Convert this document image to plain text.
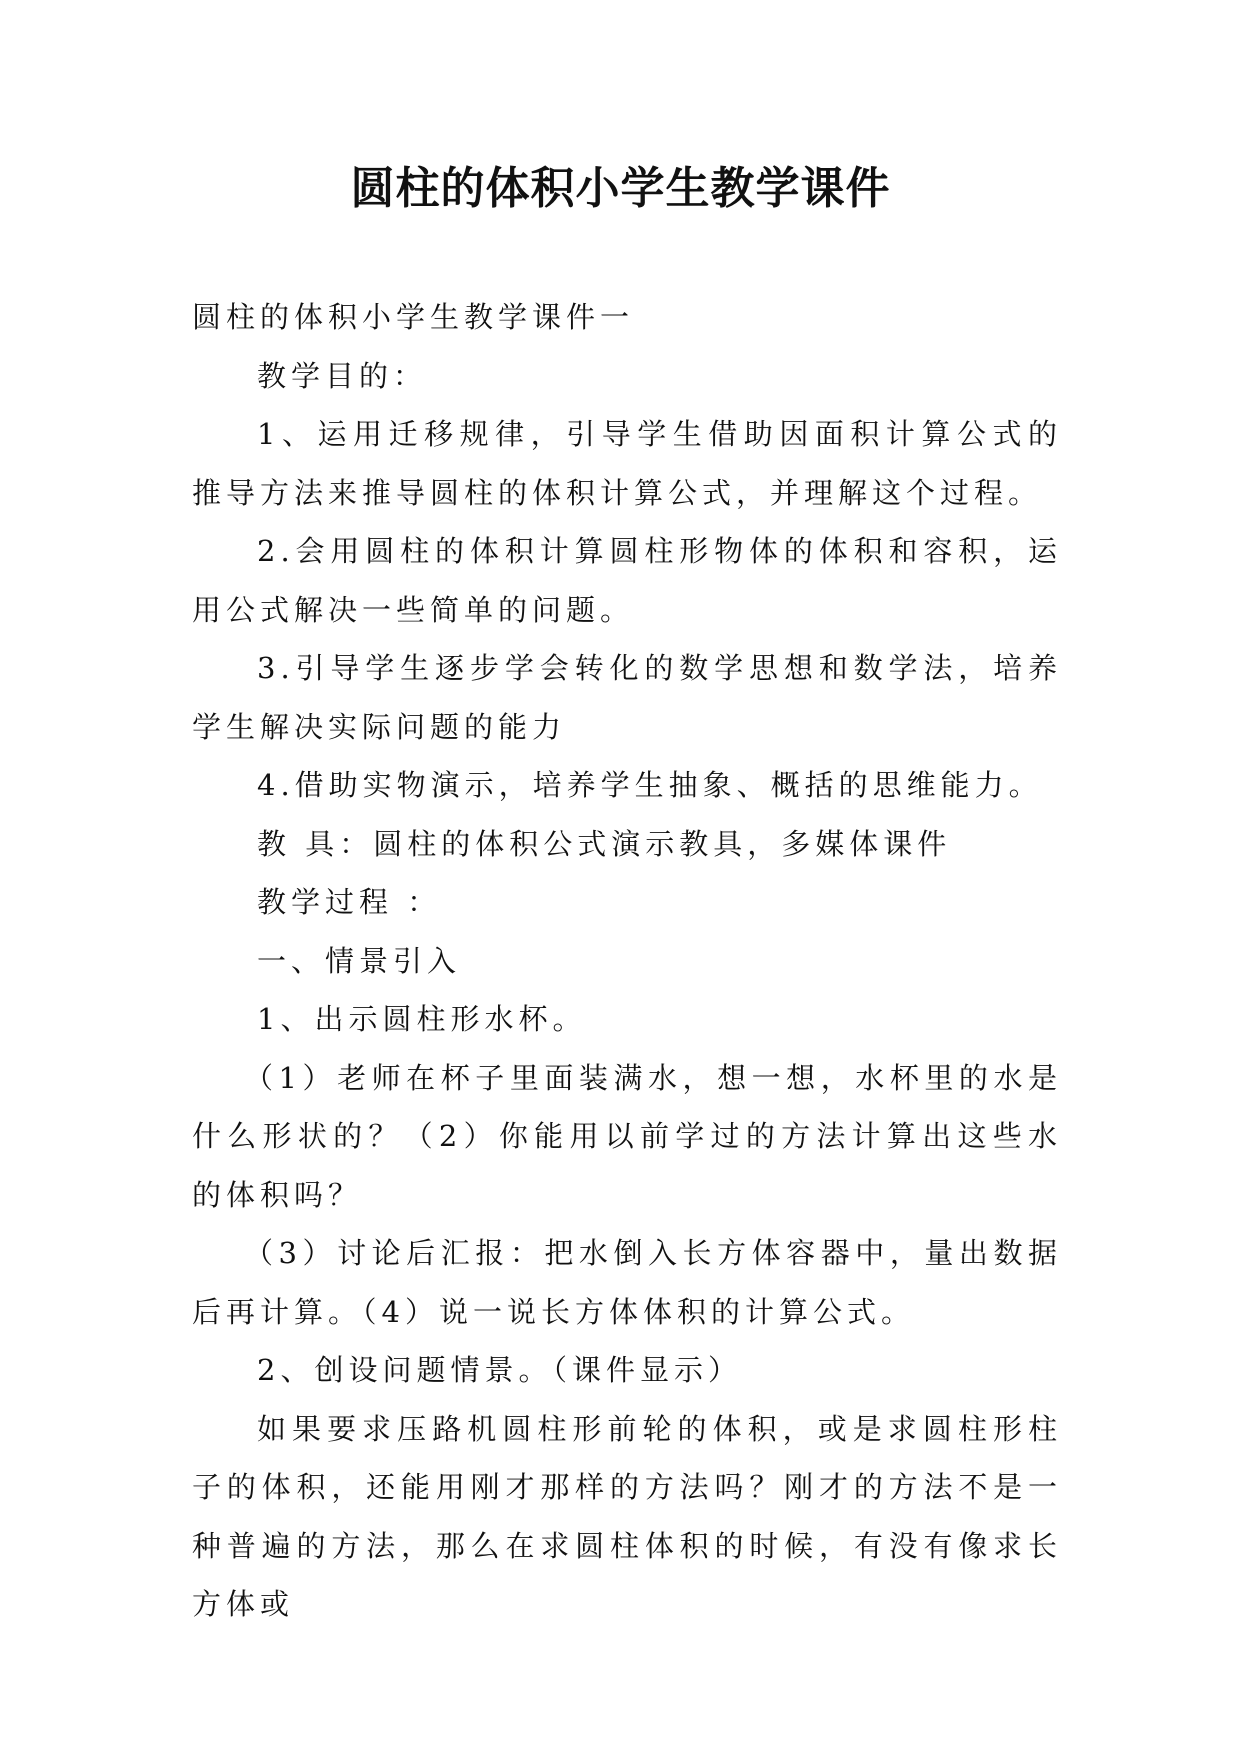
圆柱的体积小学生教学课件

圆柱的体积小学生教学课件一

教学目的：

1、运用迁移规律，引导学生借助因面积计算公式的推导方法来推导圆柱的体积计算公式，并理解这个过程。

2.会用圆柱的体积计算圆柱形物体的体积和容积，运用公式解决一些简单的问题。

3.引导学生逐步学会转化的数学思想和数学法，培养学生解决实际问题的能力

4.借助实物演示，培养学生抽象、概括的思维能力。

教 具：圆柱的体积公式演示教具，多媒体课件

教学过程 ：

一、情景引入

1、出示圆柱形水杯。

（1）老师在杯子里面装满水，想一想，水杯里的水是什么形状的？（2）你能用以前学过的方法计算出这些水的体积吗？

（3）讨论后汇报：把水倒入长方体容器中，量出数据后再计算。（4）说一说长方体体积的计算公式。

2、创设问题情景。（课件显示）

如果要求压路机圆柱形前轮的体积，或是求圆柱形柱子的体积，还能用刚才那样的方法吗？刚才的方法不是一种普遍的方法，那么在求圆柱体积的时候，有没有像求长方体或
